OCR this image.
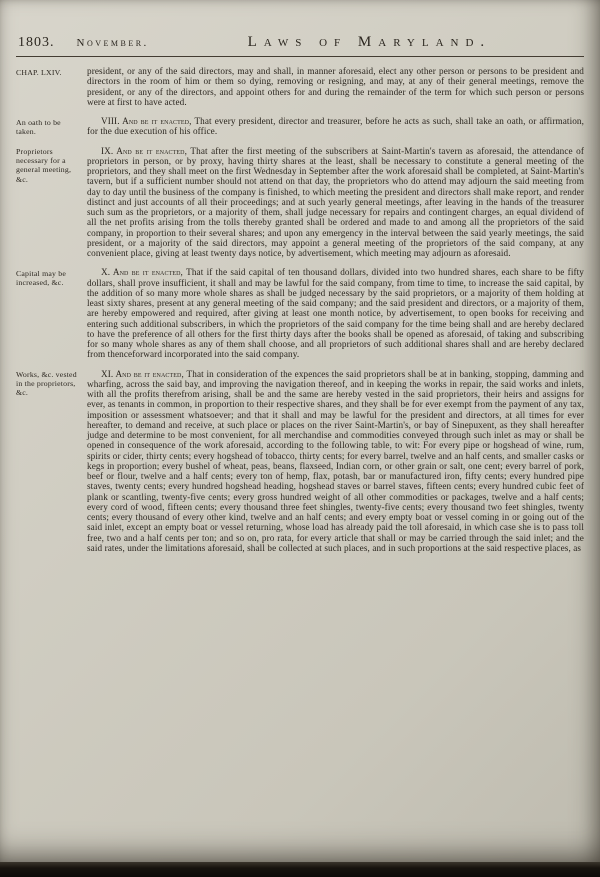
1803. November.	Laws of Maryland.
CHAP. LXIV.	president, or any of the said directors, may and shall, in manner aforesaid, elect any other person or persons to be president and directors in the room of him or them so dying, removing or resigning, and may, at any of their general meetings, remove the president, or any of the directors, and appoint others for and during the remainder of the term for which such person or persons were at first to have acted.

An oath to be taken.

VIII. And be it enacted, That every president, director and treasurer, before he acts as such, shall take an oath, or affirmation, for the due execution of his office.

Proprietors necessary for a general meeting, &c.

IX. And be it enacted, That after the first meeting of the subscribers at Saint-Martin's tavern as aforesaid, the attendance of proprietors in person, or by proxy, having thirty shares at the least, shall be necessary to constitute a general meeting of the proprietors, and they shall meet on the first Wednesday in September after the work aforesaid shall be completed, at Saint-Martin's tavern, but if a sufficient number should not attend on that day, the proprietors who do attend may adjourn the said meeting from day to day until the business of the company is finished, to which meeting the president and directors shall make report, and render distinct and just accounts of all their proceedings; and at such yearly general meetings, after leaving in the hands of the treasurer such sum as the proprietors, or a majority of them, shall judge necessary for repairs and contingent charges, an equal dividend of all the net profits arising from the tolls thereby granted shall be ordered and made to and among all the proprietors of the said company, in proportion to their several shares; and upon any emergency in the interval between the said yearly meetings, the said president, or a majority of the said directors, may appoint a general meeting of the proprietors of the said company, at any convenient place, giving at least twenty days notice, by advertisement, which meeting may adjourn as aforesaid.

Capital may be increased, &c.

X. And be it enacted, That if the said capital of ten thousand dollars, divided into two hundred shares, each share to be fifty dollars, shall prove insufficient, it shall and may be lawful for the said company, from time to time, to increase the said capital, by the addition of so many more whole shares as shall be judged necessary by the said proprietors, or a majority of them holding at least sixty shares, present at any general meeting of the said company; and the said president and directors, or a majority of them, are hereby empowered and required, after giving at least one month notice, by advertisement, to open books for receiving and entering such additional subscribers, in which the proprietors of the said company for the time being shall and are hereby declared to have the preference of all others for the first thirty days after the books shall be opened as aforesaid, of taking and subscribing for so many whole shares as any of them shall choose, and all proprietors of such additional shares shall and are hereby declared from thenceforward incorporated into the said company.

Works, &c. vested in the proprietors, &c.

XI. And be it enacted, That in consideration of the expences the said proprietors shall be at in banking, stopping, damming and wharfing, across the said bay, and improving the navigation thereof, and in keeping the works in repair, the said works and inlets, with all the profits therefrom arising, shall be and the same are hereby vested in the said proprietors, their heirs and assigns for ever, as tenants in common, in proportion to their respective shares, and they shall be for ever exempt from the payment of any tax, imposition or assessment whatsoever; and that it shall and may be lawful for the president and directors, at all times for ever hereafter, to demand and receive, at such place or places on the river Saint-Martin's, or bay of Sinepuxent, as they shall hereafter judge and determine to be most convenient, for all merchandise and commodities conveyed through such inlet as may or shall be opened in consequence of the work aforesaid, according to the following table, to wit: For every pipe or hogshead of wine, rum, spirits or cider, thirty cents; every hogshead of tobacco, thirty cents; for every barrel, twelve and an half cents, and smaller casks or kegs in proportion; every bushel of wheat, peas, beans, flaxseed, Indian corn, or other grain or salt, one cent; every barrel of pork, beef or flour, twelve and a half cents; every ton of hemp, flax, potash, bar or manufactured iron, fifty cents; every hundred pipe staves, twenty cents; every hundred hogshead heading, hogshead staves or barrel staves, fifteen cents; every hundred cubic feet of plank or scantling, twenty-five cents; every gross hundred weight of all other commodities or packages, twelve and a half cents; every cord of wood, fifteen cents; every thousand three feet shingles, twenty-five cents; every thousand two feet shingles, twenty cents; every thousand of every other kind, twelve and an half cents; and every empty boat or vessel coming in or going out of the said inlet, except an empty boat or vessel returning, whose load has already paid the toll aforesaid, in which case she is to pass toll free, two and a half cents per ton; and so on, pro rata, for every article that shall or may be carried through the said inlet; and the said rates, under the limitations aforesaid, shall be collected at such places, and in such proportions at the said respective places, as
